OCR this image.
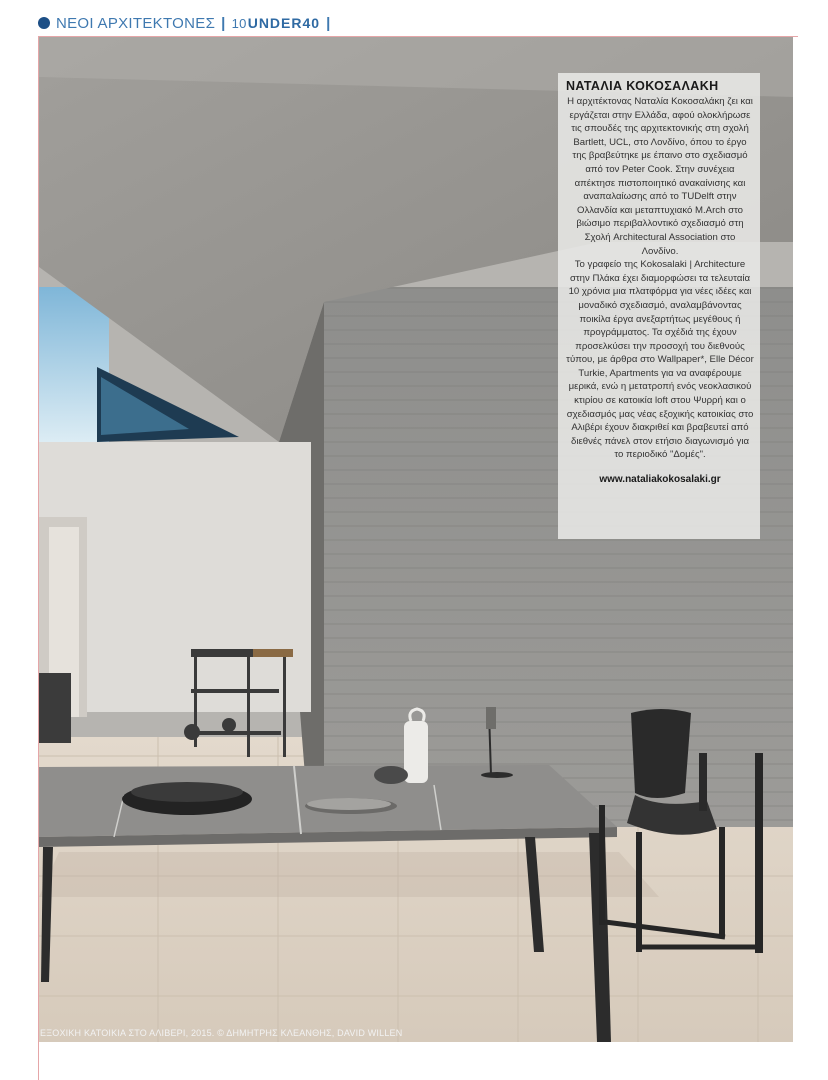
ΝΕΟΙ ΑΡΧΙΤΕΚΤΟΝΕΣ | 10 UNDER40 |
ΝΑΤΑΛΙΑ ΚΟΚΟΣΑΛΑΚΗ

Η αρχιτέκτονας Ναταλία Κοκοσαλάκη ζει και εργάζεται στην Ελλάδα, αφού ολοκλήρωσε τις σπουδές της αρχιτεκτονικής στη σχολή Bartlett, UCL, στο Λονδίνο, όπου το έργο της βραβεύτηκε με έπαινο στο σχεδιασμό από τον Peter Cook. Στην συνέχεια απέκτησε πιστοποιητικό ανακαίνισης και αναπαλαίωσης από το TUDelft στην Ολλανδία και μεταπτυχιακό M.Arch στο βιώσιμο περιβαλλοντικό σχεδιασμό στη Σχολή Architectural Association στο Λονδίνο.

Το γραφείο της Kokosalaki | Architecture στην Πλάκα έχει διαμορφώσει τα τελευταία 10 χρόνια μια πλατφόρμα για νέες ιδέες και μοναδικό σχεδιασμό, αναλαμβάνοντας ποικίλα έργα ανεξαρτήτως μεγέθους ή προγράμματος. Τα σχέδιά της έχουν προσελκύσει την προσοχή του διεθνούς τύπου, με άρθρα στο Wallpaper*, Elle Décor Turkie, Apartments για να αναφέρουμε μερικά, ενώ η μετατροπή ενός νεοκλασικού κτιρίου σε κατοικία loft στου Ψυρρή και ο σχεδιασμός μας νέας εξοχικής κατοικίας στο Αλιβέρι έχουν διακριθεί και βραβευτεί από διεθνές πάνελ στον ετήσιο διαγωνισμό για το περιοδικό "Δομές".

www.nataliakokosalaki.gr
ΕΞΟΧΙΚΗ ΚΑΤΟΙΚΙΑ ΣΤΟ ΑΛΙΒΕΡΙ, 2015. © ΔΗΜΗΤΡΗΣ ΚΛΕΑΝΘΗΣ, DAVID WILLEN
